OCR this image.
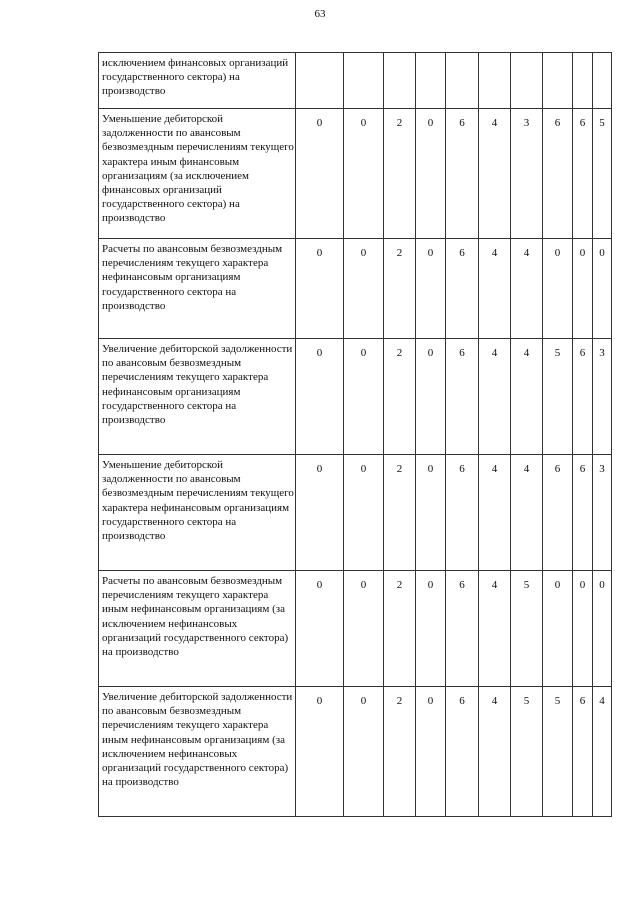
63
исключением финансовых организаций государственного сектора) на производство										
Уменьшение дебиторской задолженности по авансовым безвозмездным перечислениям текущего характера иным финансовым организациям (за исключением финансовых организаций государственного сектора) на производство	0	0	2	0	6	4	3	6	6	5
Расчеты по авансовым безвозмездным перечислениям текущего характера нефинансовым организациям государственного сектора на производство	0	0	2	0	6	4	4	0	0	0
Увеличение дебиторской задолженности по авансовым безвозмездным перечислениям текущего характера нефинансовым организациям государственного сектора на производство	0	0	2	0	6	4	4	5	6	3
Уменьшение дебиторской задолженности по авансовым безвозмездным перечислениям текущего характера нефинансовым организациям государственного сектора на производство	0	0	2	0	6	4	4	6	6	3
Расчеты по авансовым безвозмездным перечислениям текущего характера иным нефинансовым организациям (за исключением нефинансовых организаций государственного сектора) на производство	0	0	2	0	6	4	5	0	0	0
Увеличение дебиторской задолженности по авансовым безвозмездным перечислениям текущего характера иным нефинансовым организациям (за исключением нефинансовых организаций государственного сектора) на производство	0	0	2	0	6	4	5	5	6	4
